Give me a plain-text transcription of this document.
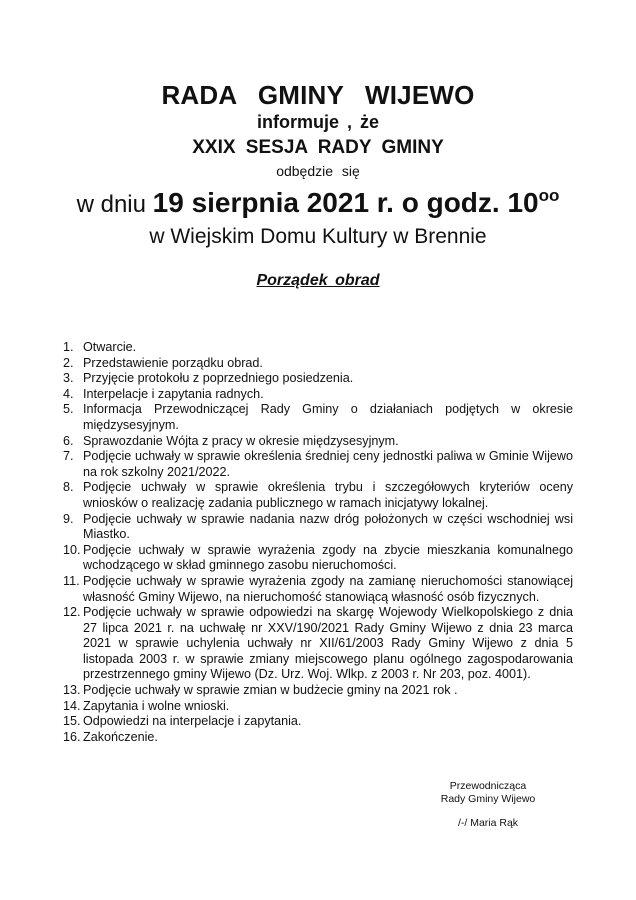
RADA GMINY WIJEWO
informuje , że
XXIX SESJA RADY GMINY
odbędzie się
w dniu 19 sierpnia 2021 r. o godz. $10^{oo}$
w Wiejskim Domu Kultury w Brennie
Porządek obrad
1. Otwarcie.
2. Przedstawienie porządku obrad.
3. Przyjęcie protokołu z poprzedniego posiedzenia.
4. Interpelacje i zapytania radnych.
5. Informacja Przewodniczącej Rady Gminy o działaniach podjętych w okresie międzysesyjnym.
6. Sprawozdanie Wójta z pracy w okresie międzysesyjnym.
7. Podjęcie uchwały w sprawie określenia średniej ceny jednostki paliwa w Gminie Wijewo na rok szkolny 2021/2022.
8. Podjęcie uchwały w sprawie określenia trybu i szczegółowych kryteriów oceny wniosków o realizację zadania publicznego w ramach inicjatywy lokalnej.
9. Podjęcie uchwały w sprawie nadania nazw dróg położonych w części wschodniej wsi Miastko.
10. Podjęcie uchwały w sprawie wyrażenia zgody na zbycie mieszkania komunalnego wchodzącego w skład gminnego zasobu nieruchomości.
11. Podjęcie uchwały w sprawie wyrażenia zgody na zamianę nieruchomości stanowiącej własność Gminy Wijewo, na nieruchomość stanowiącą własność osób fizycznych.
12. Podjęcie uchwały w sprawie odpowiedzi na skargę Wojewody Wielkopolskiego z dnia 27 lipca 2021 r. na uchwałę nr XXV/190/2021 Rady Gminy Wijewo z dnia 23 marca 2021 w sprawie uchylenia uchwały nr XII/61/2003 Rady Gminy Wijewo z dnia 5 listopada 2003 r. w sprawie zmiany miejscowego planu ogólnego zagospodarowania przestrzennego gminy Wijewo (Dz. Urz. Woj. Wlkp. z 2003 r. Nr 203, poz. 4001).
13. Podjęcie uchwały w sprawie zmian w budżecie gminy na 2021 rok .
14. Zapytania i wolne wnioski.
15. Odpowiedzi na interpelacje i zapytania.
16. Zakończenie.
Przewodnicząca
Rady Gminy Wijewo
/-/ Maria Rąk
